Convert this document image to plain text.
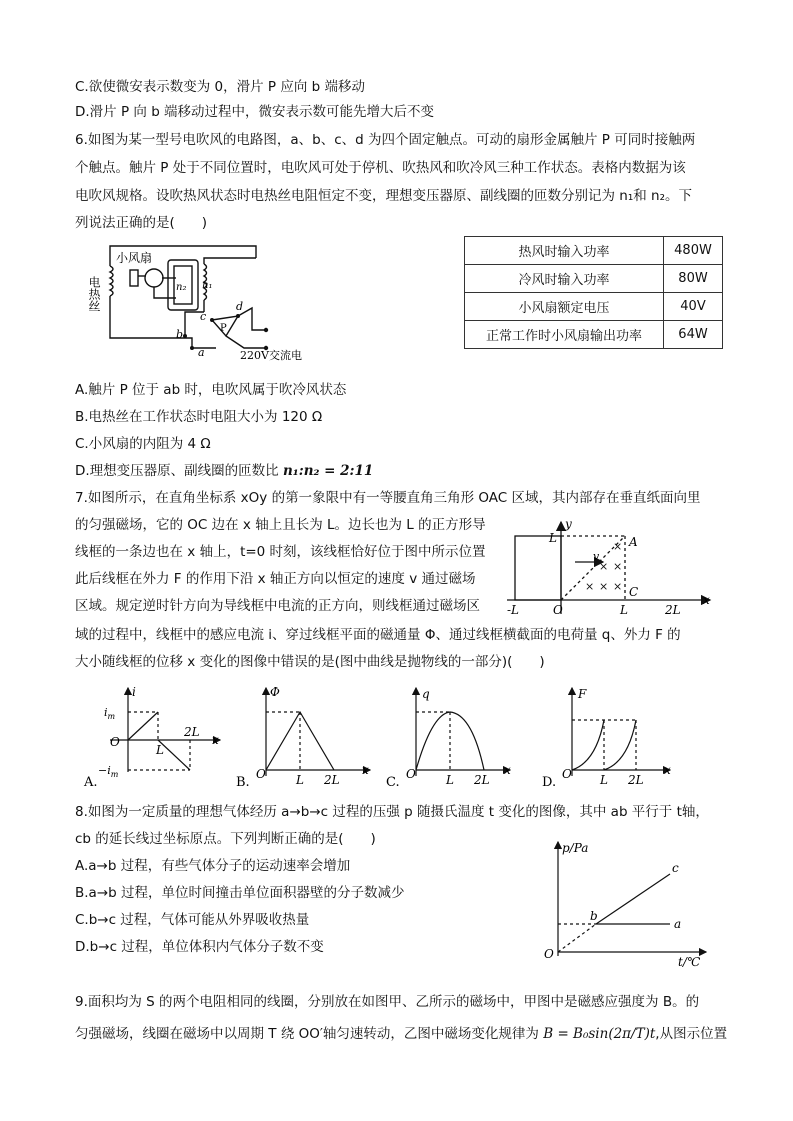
C.欲使微安表示数变为 0，滑片 P 应向 b 端移动
D.滑片 P 向 b 端移动过程中，微安表示数可能先增大后不变
6.如图为某一型号电吹风的电路图，a、b、c、d 为四个固定触点。可动的扇形金属触片 P 可同时接触两
个触点。触片 P 处于不同位置时，电吹风可处于停机、吹热风和吹冷风三种工作状态。表格内数据为该
电吹风规格。设吹热风状态时电热丝电阻恒定不变，理想变压器原、副线圈的匝数分别记为 n₁和 n₂。下
列说法正确的是(　　)
小风扇
电热丝	n₂ n₁
P
b
a
c
d
220V交流电
热风时输入功率	480W
冷风时输入功率	80W
小风扇额定电压	40V
正常工作时小风扇输出功率	64W
A.触片 P 位于 ab 时，电吹风属于吹冷风状态
B.电热丝在工作状态时电阻大小为 120 Ω
C.小风扇的内阻为 4 Ω
D.理想变压器原、副线圈的匝数比 n₁:n₂ = 2:11
7.如图所示，在直角坐标系 xOy 的第一象限中有一等腰直角三角形 OAC 区域，其内部存在垂直纸面向里
的匀强磁场，它的 OC 边在 x 轴上且长为 L。边长也为 L 的正方形导
线框的一条边也在 x 轴上，t=0 时刻，该线框恰好位于图中所示位置
此后线框在外力 F 的作用下沿 x 轴正方向以恒定的速度 v 通过磁场
区域。规定逆时针方向为导线框中电流的正方向，则线框通过磁场区
域的过程中，线框中的感应电流 i、穿过线框平面的磁通量 Φ、通过线框横截面的电荷量 q、外力 F 的
大小随线框的位移 x 变化的图像中错误的是(图中曲线是抛物线的一部分)(　　)
×
× ×
× × ×
y
x
O
A
C
L
-L	L	2L
v
i
$i_m$
$-i_m$
O
L
2L
x
A.
Φ
O	L 2L
x
B.
q
O	L 2L
x
C.
F
O L 2L
x
D.
8.如图为一定质量的理想气体经历 a→b→c 过程的压强 p 随摄氏温度 t 变化的图像，其中 ab 平行于 t轴，
cb 的延长线过坐标原点。下列判断正确的是(　　)
A.a→b 过程，有些气体分子的运动速率会增加
B.a→b 过程，单位时间撞击单位面积器壁的分子数减少
C.b→c 过程，气体可能从外界吸收热量
D.b→c 过程，单位体积内气体分子数不变
p/Pa
t/℃
O
a
b
c
9.面积均为 S 的两个电阻相同的线圈，分别放在如图甲、乙所示的磁场中，甲图中是磁感应强度为 B。的
匀强磁场，线圈在磁场中以周期 T 绕 OO′轴匀速转动，乙图中磁场变化规律为 B = B₀sin(2π/T)t,从图示位置
